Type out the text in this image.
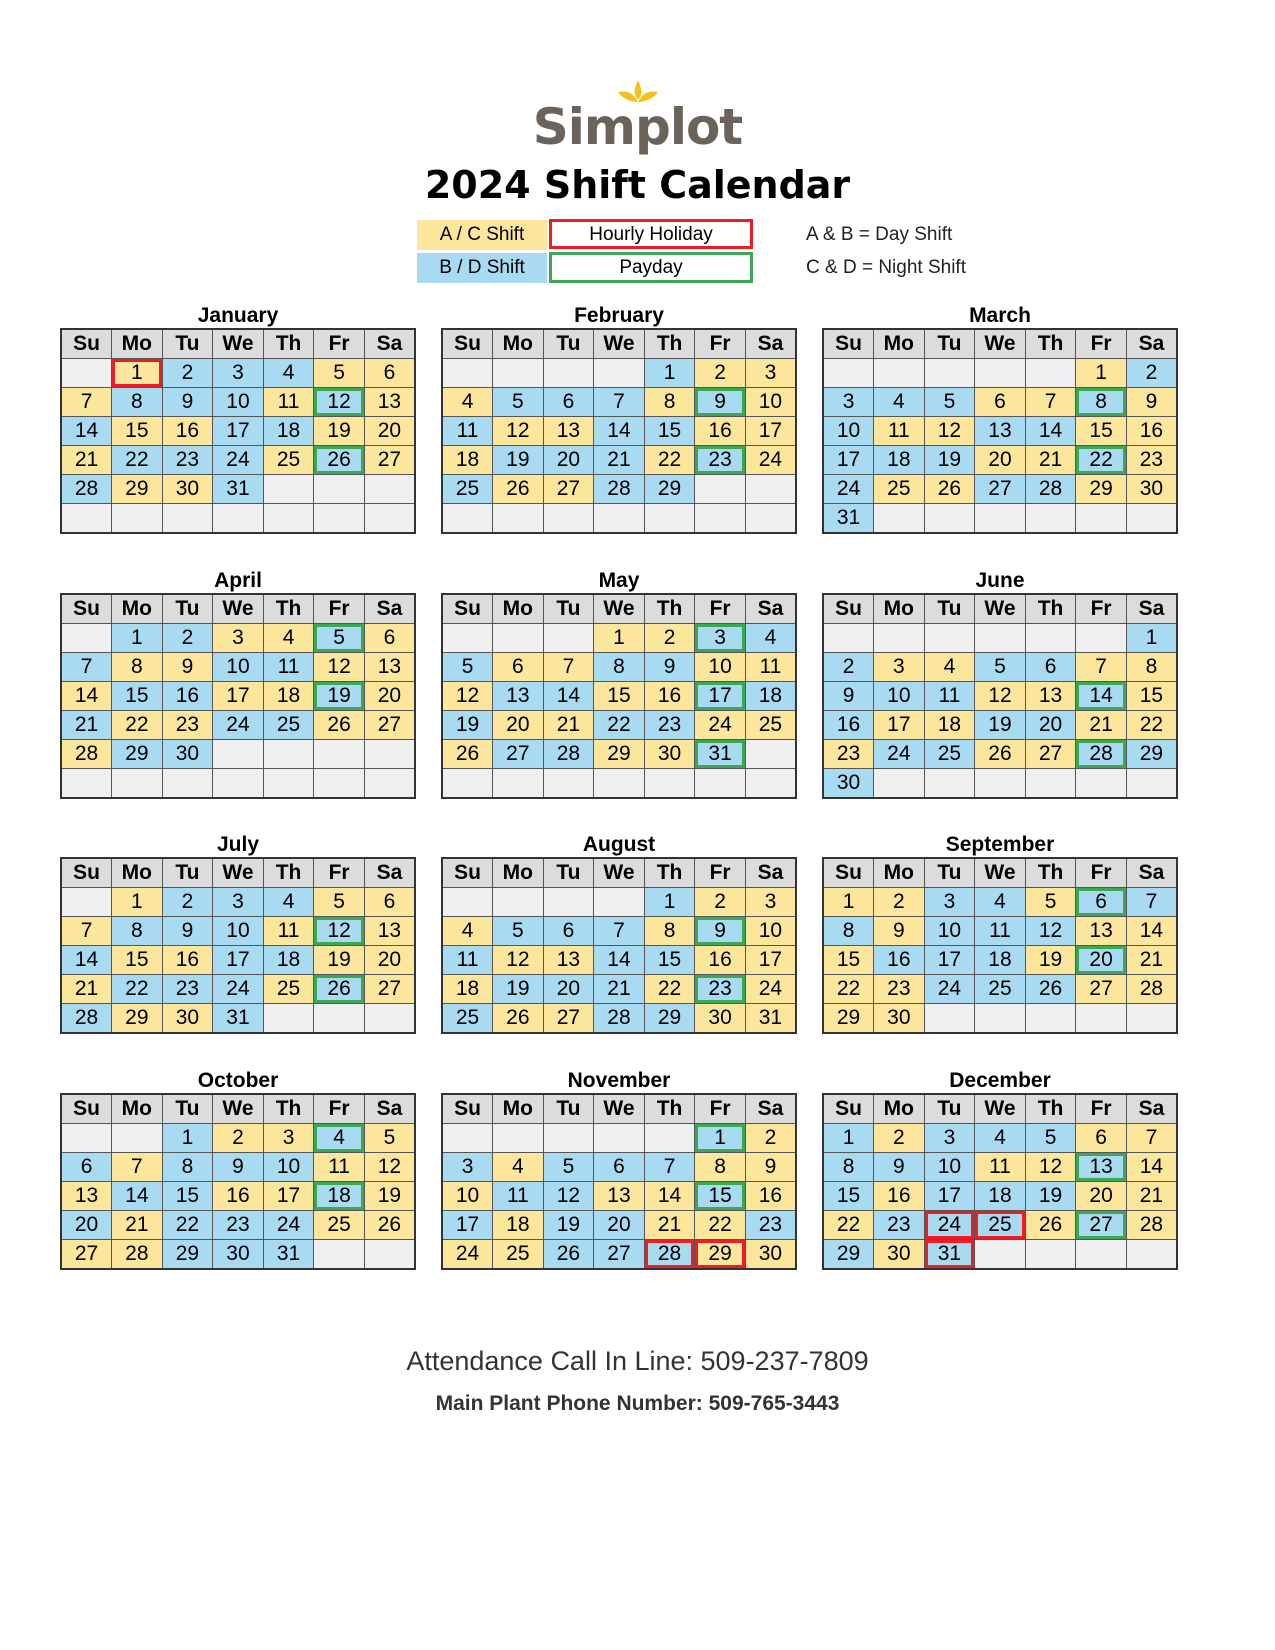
Simplot
2024 Shift Calendar
A / C Shift
B / D Shift
Hourly Holiday
Payday
A & B = Day Shift
C & D = Night Shift
January
Su	Mo	Tu	We	Th	Fr	Sa
	1	2	3	4	5	6
7	8	9	10	11	12	13
14	15	16	17	18	19	20
21	22	23	24	25	26	27
28	29	30	31			

February
Su	Mo	Tu	We	Th	Fr	Sa
				1	2	3
4	5	6	7	8	9	10
11	12	13	14	15	16	17
18	19	20	21	22	23	24
25	26	27	28	29		

March
Su	Mo	Tu	We	Th	Fr	Sa
					1	2
3	4	5	6	7	8	9
10	11	12	13	14	15	16
17	18	19	20	21	22	23
24	25	26	27	28	29	30
31						
April
Su	Mo	Tu	We	Th	Fr	Sa
	1	2	3	4	5	6
7	8	9	10	11	12	13
14	15	16	17	18	19	20
21	22	23	24	25	26	27
28	29	30				

May
Su	Mo	Tu	We	Th	Fr	Sa
			1	2	3	4
5	6	7	8	9	10	11
12	13	14	15	16	17	18
19	20	21	22	23	24	25
26	27	28	29	30	31	

June
Su	Mo	Tu	We	Th	Fr	Sa
						1
2	3	4	5	6	7	8
9	10	11	12	13	14	15
16	17	18	19	20	21	22
23	24	25	26	27	28	29
30						
July
Su	Mo	Tu	We	Th	Fr	Sa
	1	2	3	4	5	6
7	8	9	10	11	12	13
14	15	16	17	18	19	20
21	22	23	24	25	26	27
28	29	30	31			
August
Su	Mo	Tu	We	Th	Fr	Sa
				1	2	3
4	5	6	7	8	9	10
11	12	13	14	15	16	17
18	19	20	21	22	23	24
25	26	27	28	29	30	31
September
Su	Mo	Tu	We	Th	Fr	Sa
1	2	3	4	5	6	7
8	9	10	11	12	13	14
15	16	17	18	19	20	21
22	23	24	25	26	27	28
29	30					
October
Su	Mo	Tu	We	Th	Fr	Sa
		1	2	3	4	5
6	7	8	9	10	11	12
13	14	15	16	17	18	19
20	21	22	23	24	25	26
27	28	29	30	31		
November
Su	Mo	Tu	We	Th	Fr	Sa
					1	2
3	4	5	6	7	8	9
10	11	12	13	14	15	16
17	18	19	20	21	22	23
24	25	26	27	28	29	30
December
Su	Mo	Tu	We	Th	Fr	Sa
1	2	3	4	5	6	7
8	9	10	11	12	13	14
15	16	17	18	19	20	21
22	23	24	25	26	27	28
29	30	31				
Attendance Call In Line: 509-237-7809
Main Plant Phone Number: 509-765-3443
